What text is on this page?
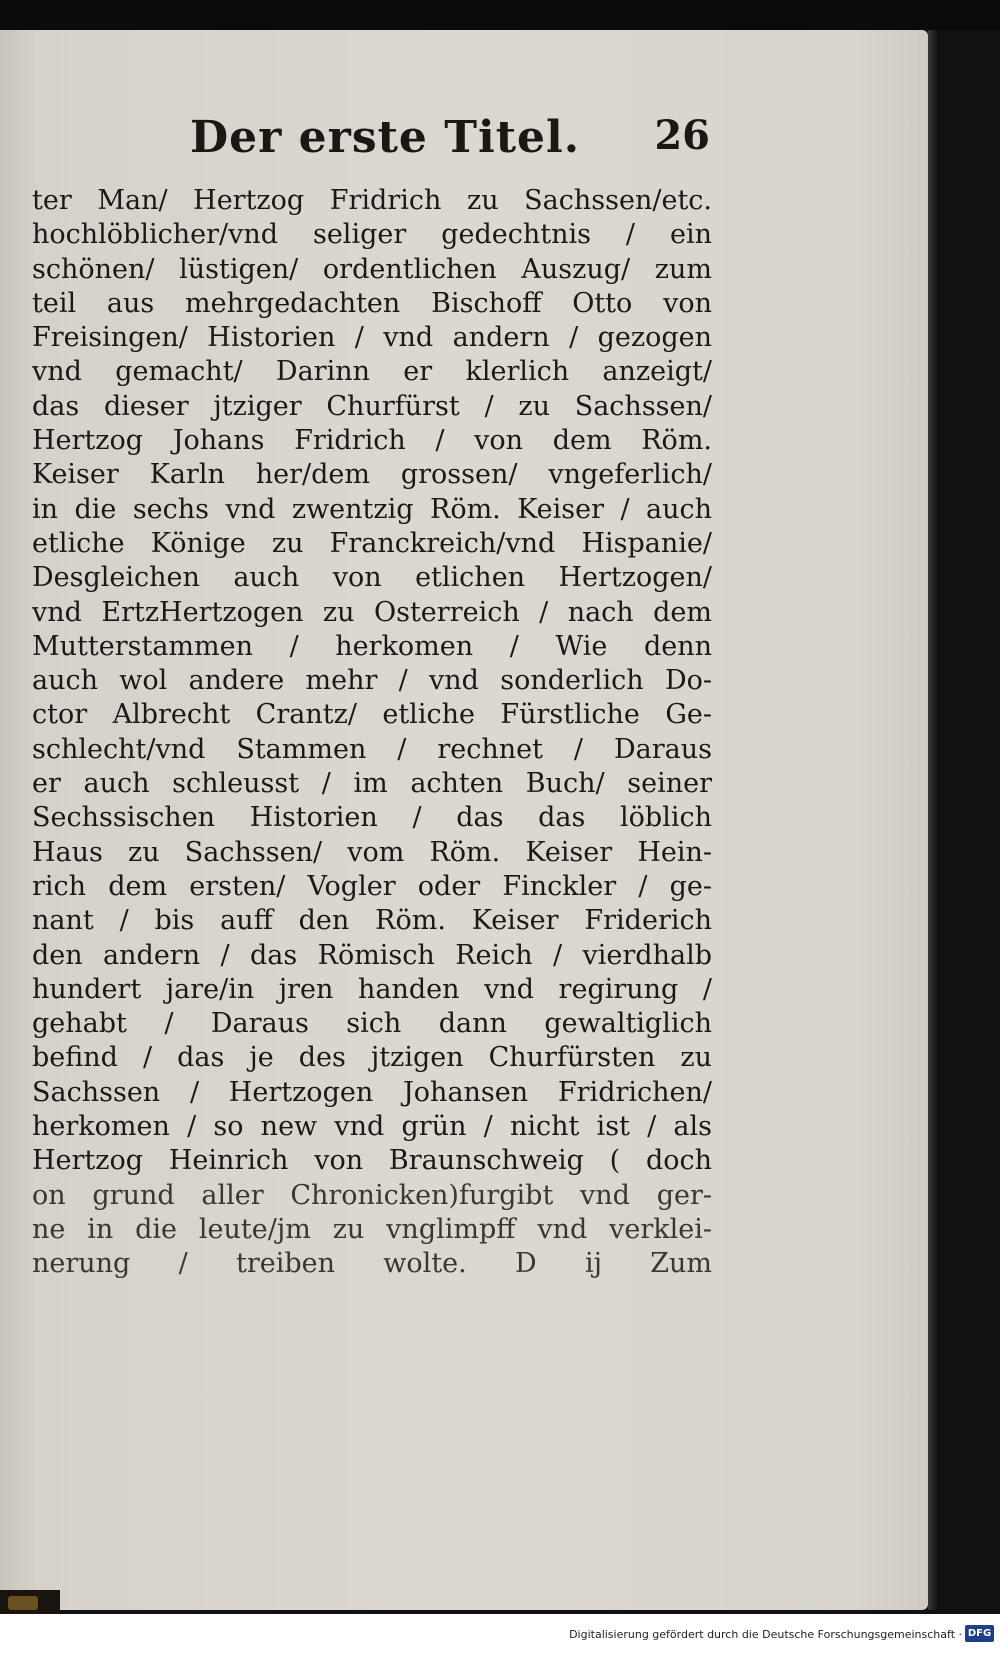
Der erste Titel. 26
ter Man/ Hertzog Fridrich zu Sachssen/etc.
hochlöblicher/vnd seliger gedechtnis / ein
schönen/ lüstigen/ ordentlichen Auszug/ zum
teil aus mehrgedachten Bischoff Otto von
Freisingen/ Historien / vnd andern / gezogen
vnd gemacht/ Darinn er klerlich anzeigt/
das dieser jtziger Churfürst / zu Sachssen/
Hertzog Johans Fridrich / von dem Röm.
Keiser Karln her/dem grossen/ vngeferlich/
in die sechs vnd zwentzig Röm. Keiser / auch
etliche Könige zu Franckreich/vnd Hispanie/
Desgleichen auch von etlichen Hertzogen/
vnd ErtzHertzogen zu Osterreich / nach dem
Mutterstammen / herkomen / Wie denn
auch wol andere mehr / vnd sonderlich Do-
ctor Albrecht Crantz/ etliche Fürstliche Ge-
schlecht/vnd Stammen / rechnet / Daraus
er auch schleusst / im achten Buch/ seiner
Sechssischen Historien / das das löblich
Haus zu Sachssen/ vom Röm. Keiser Hein-
rich dem ersten/ Vogler oder Finckler / ge-
nant / bis auff den Röm. Keiser Friderich
den andern / das Römisch Reich / vierdhalb
hundert jare/in jren handen vnd regirung /
gehabt / Daraus sich dann gewaltiglich
befind / das je des jtzigen Churfürsten zu
Sachssen / Hertzogen Johansen Fridrichen/
herkomen / so new vnd grün / nicht ist / als
Hertzog Heinrich von Braunschweig ( doch
on grund aller Chronicken)furgibt vnd ger-
ne in die leute/jm zu vnglimpff vnd verklei-
nerung / treiben wolte. D ij Zum
Digitalisierung gefördert durch die Deutsche Forschungsgemeinschaft · DFG
